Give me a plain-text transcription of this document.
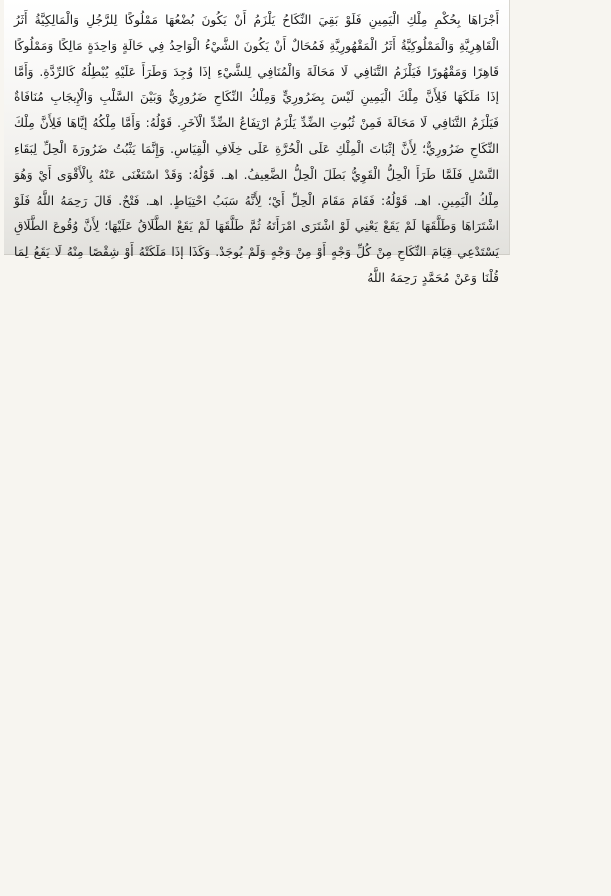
أَجْرَاهَا بِحُكْمِ مِلْكِ الْيَمِينِ فَلَوْ بَقِيَ النِّكَاحُ يَلْزَمُ أَنْ يَكُونَ بُضْعُهَا مَمْلُوكًا لِلرَّجُلِ وَالْمَالِكِيَّةُ أَثَرُ الْقَاهِرِيَّةِ وَالْمَمْلُوكِيَّةُ أَثَرُ الْمَقْهُورِيَّةِ فَمُحَالٌ أَنْ يَكُونَ الشَّيْءُ الْوَاحِدُ فِي حَالَةٍ وَاحِدَةٍ مَالِكًا وَمَمْلُوكًا قَاهِرًا وَمَقْهُورًا فَيَلْزَمُ التَّنَافِي لَا مَحَالَةَ وَالْمُنَافِي لِلشَّيْءِ إذَا وُجِدَ وَطَرَأَ عَلَيْهِ يُبْطِلُهُ كَالرِّدَّةِ. وَأَمَّا إذَا مَلَكَهَا فَلِأَنَّ مِلْكَ الْيَمِينِ لَيْسَ بِضَرُورِيٍّ وَمِلْكُ النِّكَاحِ ضَرُورِيٌّ وَبَيْنَ السَّلْبِ وَالْإِيجَابِ مُنَافَاةٌ فَيَلْزَمُ التَّنَافِي لَا مَحَالَةَ فَمِنْ ثُبُوتِ الضِّدِّ يَلْزَمُ ارْتِفَاعُ الضِّدِّ الْآخَرِ. قَوْلُهُ: وَأَمَّا مِلْكُهُ إيَّاهَا فَلِأَنَّ مِلْكَ النِّكَاحِ ضَرُورِيٌّ؛ لِأَنَّ إثْبَاتَ الْمِلْكِ عَلَى الْحُرَّةِ عَلَى خِلَافِ الْقِيَاسِ. وَإِنَّمَا يَثْبُتُ ضَرُورَةَ الْحِلِّ لِبَقَاءِ النَّسْلِ فَلَمَّا طَرَأَ الْحِلُّ الْقَوِيُّ بَطَلَ الْحِلُّ الضَّعِيفُ. اهـ. قَوْلُهُ: وَقَدْ اسْتَغْنَى عَنْهُ بِالْأَقْوَى أَيْ وَهُوَ مِلْكُ الْيَمِينِ. اهـ. قَوْلُهُ: فَقَامَ مَقَامَ الْحِلِّ أَيْ؛ لِأَنَّهُ سَبَبُ احْتِيَاطٍ. اهـ. فَتْحٌ. قَالَ رَحِمَهُ اللَّهُ فَلَوْ اشْتَرَاهَا وَطَلَّقَهَا لَمْ يَقَعْ يَعْنِي لَوْ اشْتَرَى امْرَأَتَهُ ثُمَّ طَلَّقَهَا لَمْ يَقَعْ الطَّلَاقُ عَلَيْهَا؛ لِأَنَّ وُقُوعَ الطَّلَاقِ يَسْتَدْعِي قِيَامَ النِّكَاحِ مِنْ كُلِّ وَجْهٍ أَوْ مِنْ وَجْهٍ وَلَمْ يُوجَدْ. وَكَذَا إذَا مَلَكَتْهُ أَوْ شِقْصًا مِنْهُ لَا يَقَعُ لِمَا قُلْنَا وَعَنْ مُحَمَّدٍ رَحِمَهُ اللَّهُ
